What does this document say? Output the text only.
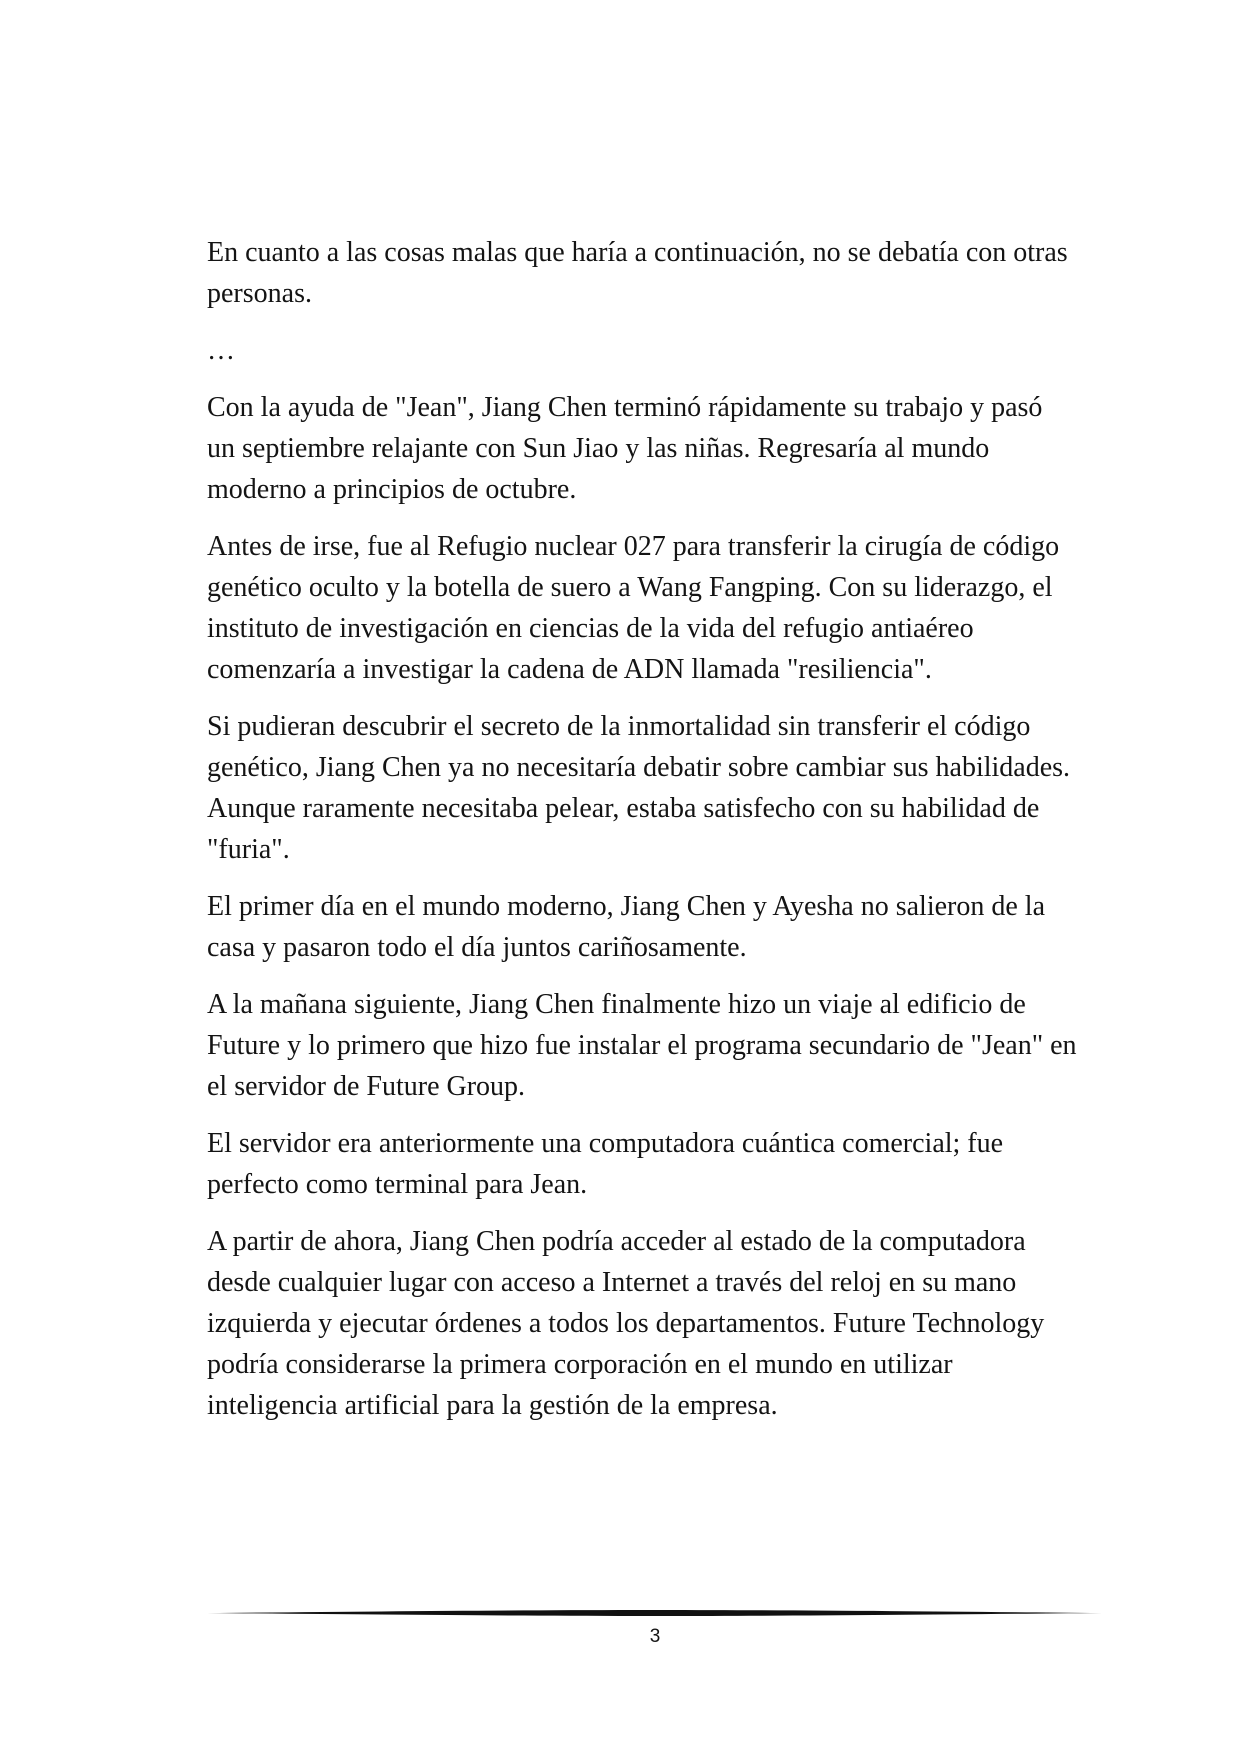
En cuanto a las cosas malas que haría a continuación, no se debatía con otras personas.

…

Con la ayuda de "Jean", Jiang Chen terminó rápidamente su trabajo y pasó un septiembre relajante con Sun Jiao y las niñas. Regresaría al mundo moderno a principios de octubre.

Antes de irse, fue al Refugio nuclear 027 para transferir la cirugía de código genético oculto y la botella de suero a Wang Fangping. Con su liderazgo, el instituto de investigación en ciencias de la vida del refugio antiaéreo comenzaría a investigar la cadena de ADN llamada "resiliencia".

Si pudieran descubrir el secreto de la inmortalidad sin transferir el código genético, Jiang Chen ya no necesitaría debatir sobre cambiar sus habilidades. Aunque raramente necesitaba pelear, estaba satisfecho con su habilidad de "furia".

El primer día en el mundo moderno, Jiang Chen y Ayesha no salieron de la casa y pasaron todo el día juntos cariñosamente.

A la mañana siguiente, Jiang Chen finalmente hizo un viaje al edificio de Future y lo primero que hizo fue instalar el programa secundario de "Jean" en el servidor de Future Group.

El servidor era anteriormente una computadora cuántica comercial; fue perfecto como terminal para Jean.

A partir de ahora, Jiang Chen podría acceder al estado de la computadora desde cualquier lugar con acceso a Internet a través del reloj en su mano izquierda y ejecutar órdenes a todos los departamentos. Future Technology podría considerarse la primera corporación en el mundo en utilizar inteligencia artificial para la gestión de la empresa.

3
